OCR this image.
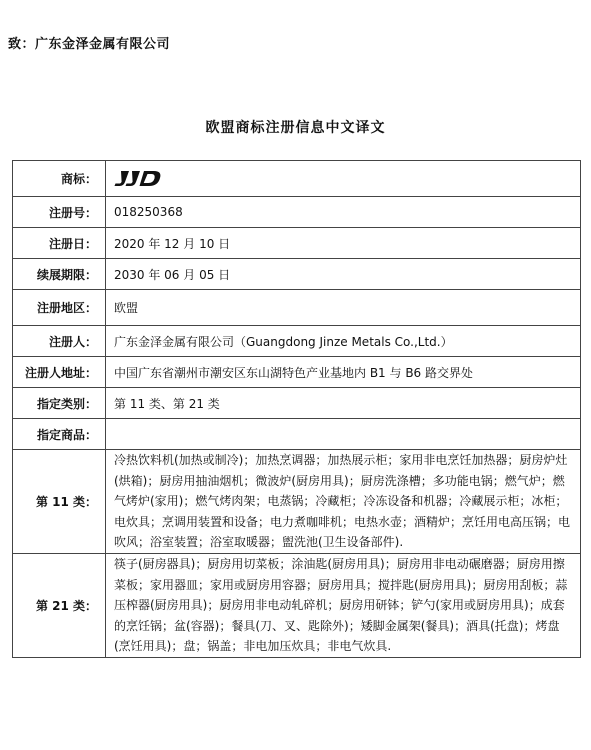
致：广东金泽金属有限公司
欧盟商标注册信息中文译文
商标：	
注册号：	018250368
注册日：	2020 年 12 月 10 日
续展期限：	2030 年 06 月 05 日
注册地区：	欧盟
注册人：	广东金泽金属有限公司（Guangdong Jinze Metals Co.,Ltd.）
注册人地址：	中国广东省潮州市潮安区东山湖特色产业基地内 B1 与 B6 路交界处
指定类别：	第 11 类、第 21 类
指定商品：	
第 11 类：	冷热饮料机(加热或制冷)；加热烹调器；加热展示柜；家用非电烹饪加热器；厨房炉灶(烘箱)；厨房用抽油烟机；微波炉(厨房用具)；厨房洗涤槽；多功能电锅；燃气炉；燃气烤炉(家用)；燃气烤肉架；电蒸锅；冷藏柜；冷冻设备和机器；冷藏展示柜；冰柜；电炊具；烹调用装置和设备；电力煮咖啡机；电热水壶；酒精炉；烹饪用电高压锅；电吹风；浴室装置；浴室取暖器；盥洗池(卫生设备部件).
第 21 类：	筷子(厨房器具)；厨房用切菜板；涂油匙(厨房用具)；厨房用非电动碾磨器；厨房用擦菜板；家用器皿；家用或厨房用容器；厨房用具；搅拌匙(厨房用具)；厨房用刮板；蒜压榨器(厨房用具)；厨房用非电动轧碎机；厨房用研钵；铲勺(家用或厨房用具)；成套的烹饪锅；盆(容器)；餐具(刀、叉、匙除外)；矮脚金属架(餐具)；酒具(托盘)；烤盘(烹饪用具)；盘；锅盖；非电加压炊具；非电气炊具.
